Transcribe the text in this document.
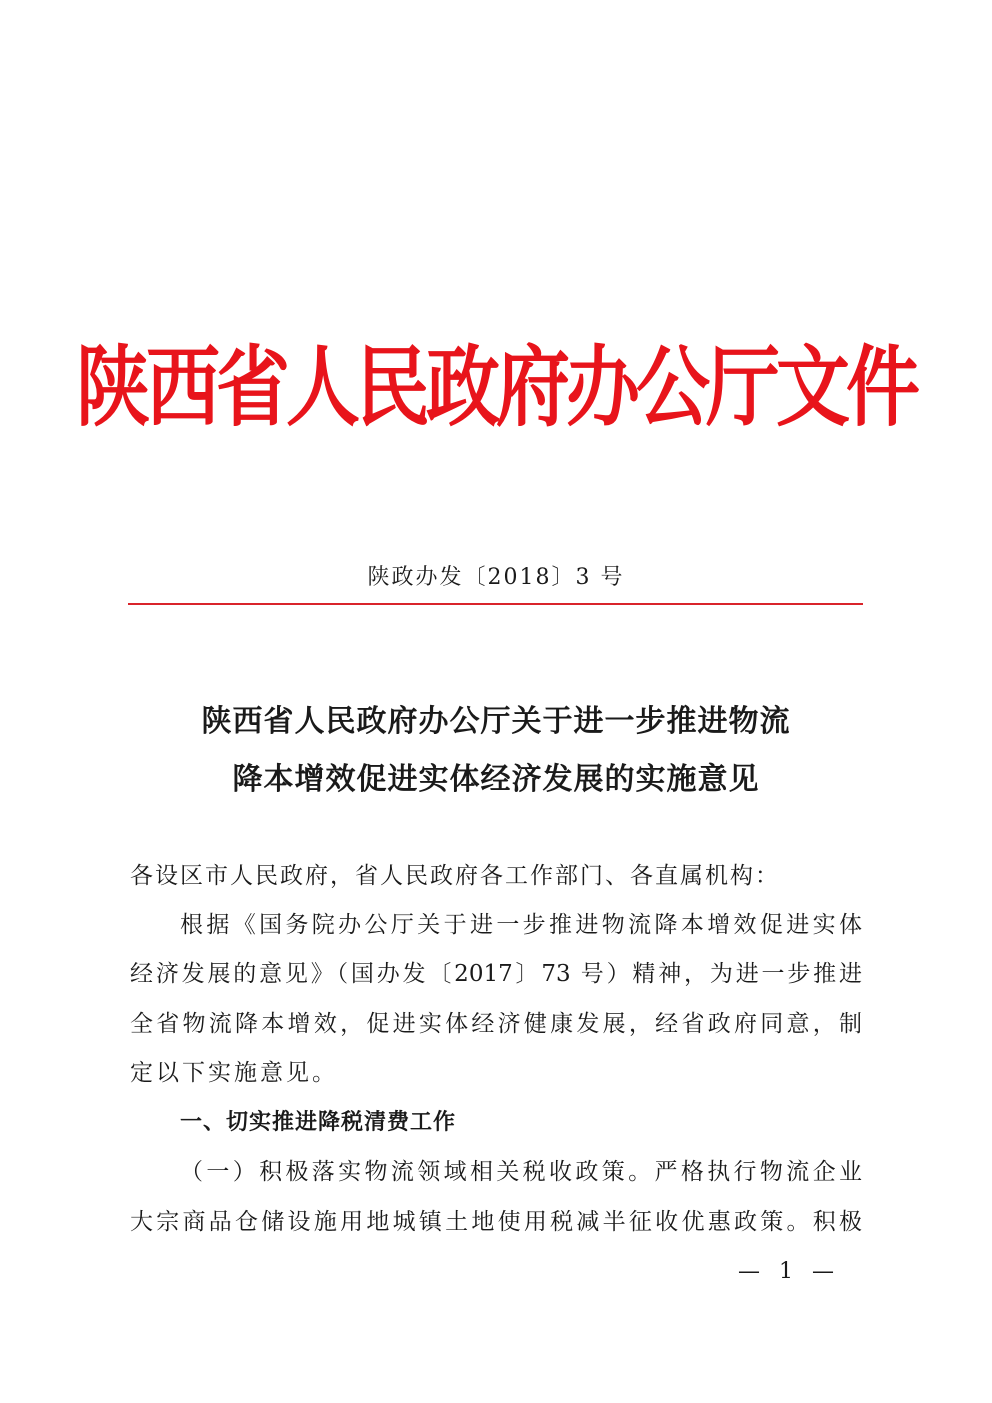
陕西省人民政府办公厅文件
陕政办发〔2018〕3 号
陕西省人民政府办公厅关于进一步推进物流
降本增效促进实体经济发展的实施意见
各设区市人民政府，省人民政府各工作部门、各直属机构：
根据《国务院办公厅关于进一步推进物流降本增效促进实体
经济发展的意见》（国办发〔2017〕73 号）精神，为进一步推进
全省物流降本增效，促进实体经济健康发展，经省政府同意，制
定以下实施意见。
一、切实推进降税清费工作
（一）积极落实物流领域相关税收政策。严格执行物流企业
大宗商品仓储设施用地城镇土地使用税减半征收优惠政策。积极
— 1 —
